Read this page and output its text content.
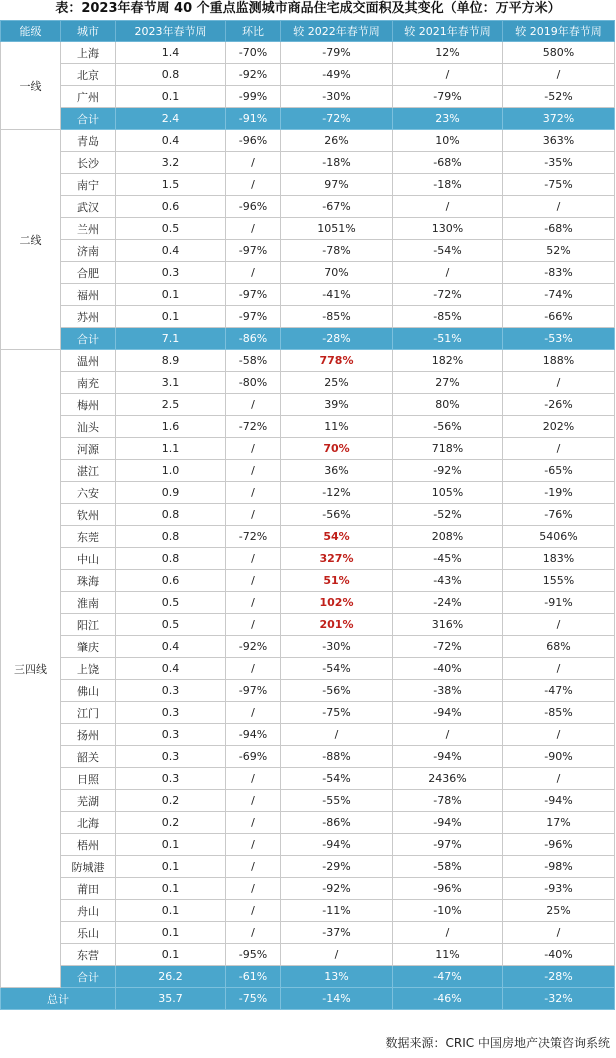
表：2023年春节周 40 个重点监测城市商品住宅成交面积及其变化（单位：万平方米）
能级	城市	2023年春节周	环比	较 2022年春节周	较 2021年春节周	较 2019年春节周
一线	上海	1.4	-70%	-79%	12%	580%
	北京	0.8	-92%	-49%	/	/
	广州	0.1	-99%	-30%	-79%	-52%
	合计	2.4	-91%	-72%	23%	372%
二线	青岛	0.4	-96%	26%	10%	363%
	长沙	3.2	/	-18%	-68%	-35%
	南宁	1.5	/	97%	-18%	-75%
	武汉	0.6	-96%	-67%	/	/
	兰州	0.5	/	1051%	130%	-68%
	济南	0.4	-97%	-78%	-54%	52%
	合肥	0.3	/	70%	/	-83%
	福州	0.1	-97%	-41%	-72%	-74%
	苏州	0.1	-97%	-85%	-85%	-66%
	合计	7.1	-86%	-28%	-51%	-53%
三四线	温州	8.9	-58%	778%	182%	188%
	南充	3.1	-80%	25%	27%	/
	梅州	2.5	/	39%	80%	-26%
	汕头	1.6	-72%	11%	-56%	202%
	河源	1.1	/	70%	718%	/
	湛江	1.0	/	36%	-92%	-65%
	六安	0.9	/	-12%	105%	-19%
	钦州	0.8	/	-56%	-52%	-76%
	东莞	0.8	-72%	54%	208%	5406%
	中山	0.8	/	327%	-45%	183%
	珠海	0.6	/	51%	-43%	155%
	淮南	0.5	/	102%	-24%	-91%
	阳江	0.5	/	201%	316%	/
	肇庆	0.4	-92%	-30%	-72%	68%
	上饶	0.4	/	-54%	-40%	/
	佛山	0.3	-97%	-56%	-38%	-47%
	江门	0.3	/	-75%	-94%	-85%
	扬州	0.3	-94%	/	/	/
	韶关	0.3	-69%	-88%	-94%	-90%
	日照	0.3	/	-54%	2436%	/
	芜湖	0.2	/	-55%	-78%	-94%
	北海	0.2	/	-86%	-94%	17%
	梧州	0.1	/	-94%	-97%	-96%
	防城港	0.1	/	-29%	-58%	-98%
	莆田	0.1	/	-92%	-96%	-93%
	舟山	0.1	/	-11%	-10%	25%
	乐山	0.1	/	-37%	/	/
	东营	0.1	-95%	/	11%	-40%
	合计	26.2	-61%	13%	-47%	-28%
总计		35.7	-75%	-14%	-46%	-32%
数据来源：CRIC 中国房地产决策咨询系统
